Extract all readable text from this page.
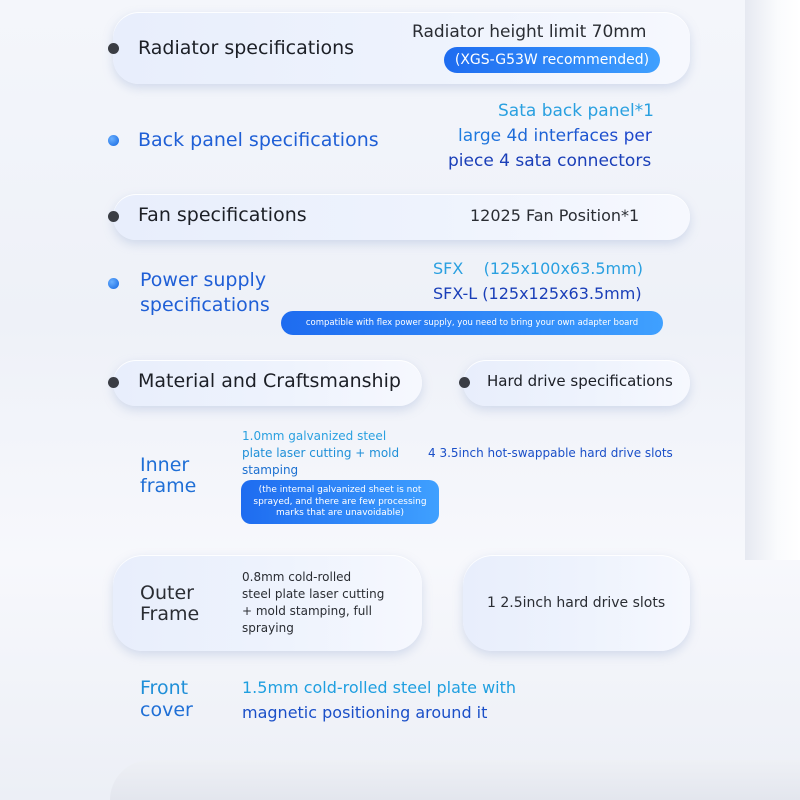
Radiator specifications
Radiator height limit 70mm
(XGS-G53W recommended)
Back panel specifications
Sata back panel*1
large 4d interfaces per
piece 4 sata connectors
Fan specifications	12025 Fan Position*1
Power supply
specifications
SFX    (125x100x63.5mm)
SFX-L (125x125x63.5mm)
compatible with flex power supply, you need to bring your own adapter board
Material and Craftsmanship	Hard drive specifications
Inner
frame
1.0mm galvanized steel
plate laser cutting + mold
stamping
(the internal galvanized sheet is not
sprayed, and there are few processing
marks that are unavoidable)
4 3.5inch hot-swappable hard drive slots
Outer
Frame
0.8mm cold-rolled
steel plate laser cutting
+ mold stamping, full
spraying
1 2.5inch hard drive slots
Front
cover
1.5mm cold-rolled steel plate with
magnetic positioning around it
